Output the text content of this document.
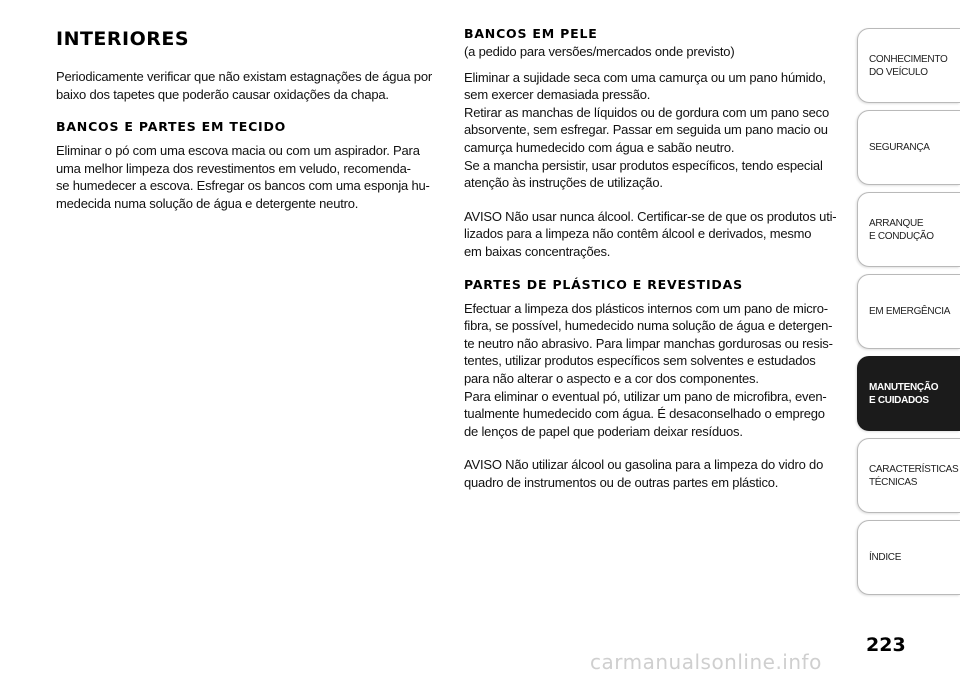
INTERIORES

Periodicamente verificar que não existam estagnações de água por

baixo dos tapetes que poderão causar oxidações da chapa.

BANCOS E PARTES EM TECIDO

Eliminar o pó com uma escova macia ou com um aspirador. Para

uma melhor limpeza dos revestimentos em veludo, recomenda-

se humedecer a escova. Esfregar os bancos com uma esponja hu-

medecida numa solução de água e detergente neutro.

BANCOS EM PELE

(a pedido para versões/mercados onde previsto)

Eliminar a sujidade seca com uma camurça ou um pano húmido,

sem exercer demasiada pressão.

Retirar as manchas de líquidos ou de gordura com um pano seco

absorvente, sem esfregar. Passar em seguida um pano macio ou

camurça humedecido com água e sabão neutro.

Se a mancha persistir, usar produtos específicos, tendo especial

atenção às instruções de utilização.

AVISO Não usar nunca álcool. Certificar-se de que os produtos uti-

lizados para a limpeza não contêm álcool e derivados, mesmo

em baixas concentrações.

PARTES DE PLÁSTICO E REVESTIDAS

Efectuar a limpeza dos plásticos internos com um pano de micro-

fibra, se possível, humedecido numa solução de água e detergen-

te neutro não abrasivo. Para limpar manchas gordurosas ou resis-

tentes, utilizar produtos específicos sem solventes e estudados

para não alterar o aspecto e a cor dos componentes.

Para eliminar o eventual pó, utilizar um pano de microfibra, even-

tualmente humedecido com água. É desaconselhado o emprego

de lenços de papel que poderiam deixar resíduos.

AVISO Não utilizar álcool ou gasolina para a limpeza do vidro do

quadro de instrumentos ou de outras partes em plástico.

CONHECIMENTO
DO VEÍCULO
SEGURANÇA
ARRANQUE
E CONDUÇÃO
EM EMERGÊNCIA
MANUTENÇÃO
E CUIDADOS
CARACTERÍSTICAS
TÉCNICAS
ÍNDICE
223
carmanualsonline.info
